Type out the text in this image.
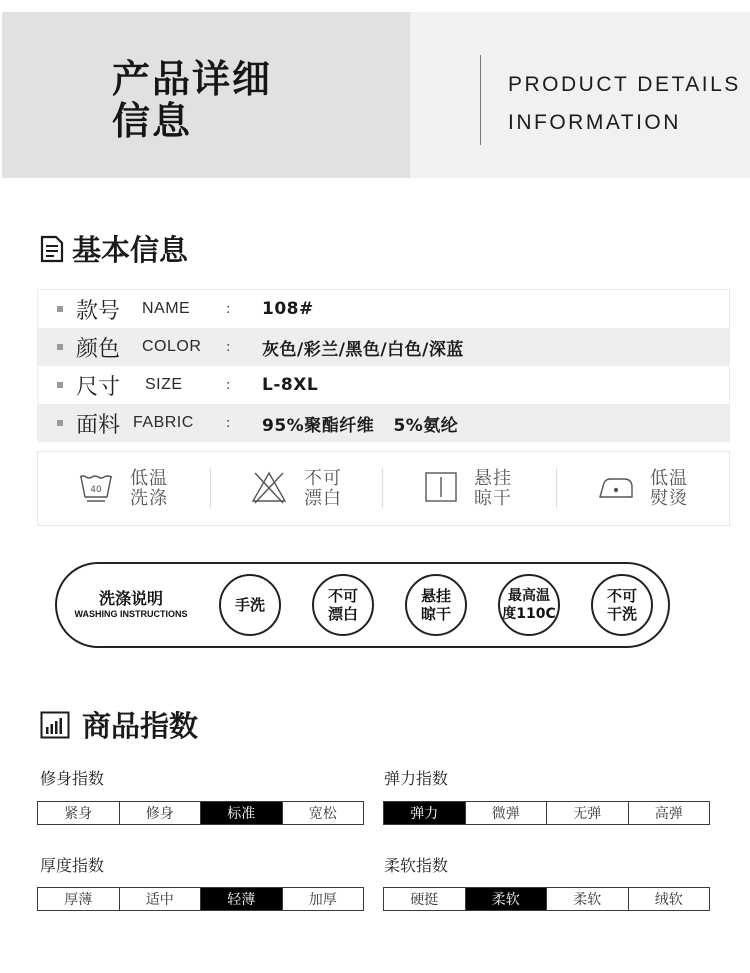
产品详细
信息
PRODUCT DETAILS
INFORMATION
基本信息
款号 NAME	: 108#
颜色 COLOR : 灰色/彩兰/黑色/白色/深蓝
尺寸 SIZE	: L-8XL
面料 FABRIC : 95%聚酯纤维   5%氨纶
40
低温
洗涤
不可
漂白
悬挂
晾干
低温
熨烫
洗涤说明
WASHING INSTRUCTIONS	手洗	不可
漂白
悬挂
晾干
最高温
度110C
不可
干洗
商品指数
修身指数
紧身	修身	标准	宽松
弹力指数
弹力	微弹	无弹	高弹
厚度指数
厚薄	适中	轻薄	加厚
柔软指数
硬挺	柔软	柔软	绒软
